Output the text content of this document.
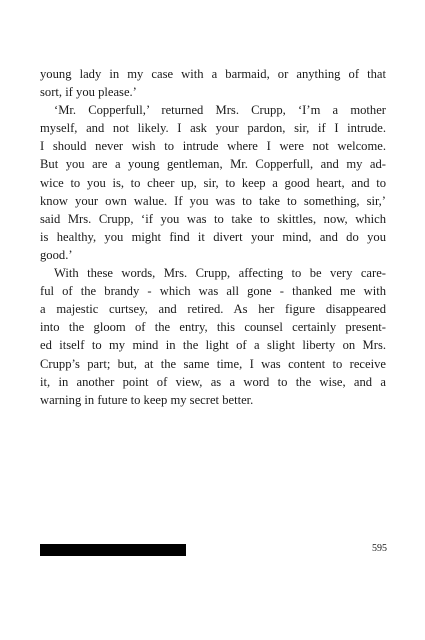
young lady in my case with a barmaid, or anything of that
sort, if you please.’
‘Mr. Copperfull,’ returned Mrs. Crupp, ‘I’m a mother
myself, and not likely. I ask your pardon, sir, if I intrude.
I should never wish to intrude where I were not welcome.
But you are a young gentleman, Mr. Copperfull, and my ad-
wice to you is, to cheer up, sir, to keep a good heart, and to
know your own walue. If you was to take to something, sir,’
said Mrs. Crupp, ‘if you was to take to skittles, now, which
is healthy, you might find it divert your mind, and do you
good.’
With these words, Mrs. Crupp, affecting to be very care-
ful of the brandy - which was all gone - thanked me with
a majestic curtsey, and retired. As her figure disappeared
into the gloom of the entry, this counsel certainly present-
ed itself to my mind in the light of a slight liberty on Mrs.
Crupp’s part; but, at the same time, I was content to receive
it, in another point of view, as a word to the wise, and a
warning in future to keep my secret better.
595
